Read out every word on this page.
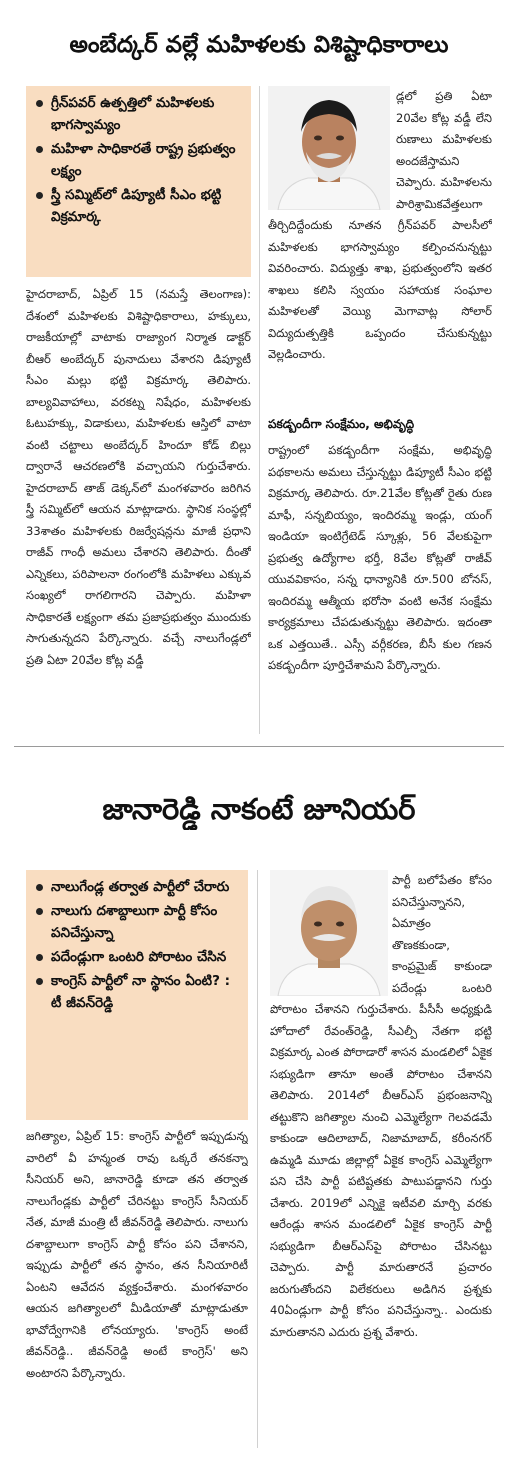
అంబేద్కర్ వల్లే మహిళలకు విశిష్టాధికారాలు
గ్రీన్‌పవర్ ఉత్పత్తిలో మహిళలకు భాగస్వామ్యం
మహిళా సాధికారతే రాష్ట్ర ప్రభుత్వం లక్ష్యం
స్త్రీ సమ్మిట్‌లో డిప్యూటీ సీఎం భట్టి విక్రమార్క

హైదరాబాద్, ఏప్రిల్ 15 (నమస్తే తెలంగాణ): దేశంలో మహిళలకు విశిష్టాధికారాలు, హక్కులు, రాజకీయాల్లో వాటాకు రాజ్యాంగ నిర్మాత డాక్టర్ బీఆర్ అంబేద్కర్ పునాదులు వేశారని డిప్యూటీ సీఎం మల్లు భట్టి విక్రమార్క తెలిపారు. బాల్యవివాహాలు, వరకట్న నిషేధం, మహిళలకు ఓటుహక్కు, విడాకులు, మహిళలకు ఆస్తిలో వాటా వంటి చట్టాలు అంబేద్కర్ హిందూ కోడ్ బిల్లు ద్వారానే ఆచరణలోకి వచ్చాయని గుర్తుచేశారు. హైదరాబాద్ తాజ్ డెక్కన్‌లో మంగళవారం జరిగిన స్త్రీ సమ్మిట్‌లో ఆయన మాట్లాడారు. స్థానిక సంస్థల్లో 33శాతం మహిళలకు రిజర్వేషన్లను మాజీ ప్రధాని రాజీవ్ గాంధీ అమలు చేశారని తెలిపారు. దీంతో ఎన్నికలు, పరిపాలనా రంగంలోకి మహిళలు ఎక్కువ సంఖ్యలో రాగలిగారని చెప్పారు. మహిళా సాధికారతే లక్ష్యంగా తమ ప్రజాప్రభుత్వం ముందుకు సాగుతున్నదని పేర్కొన్నారు. వచ్చే నాలుగేండ్లలో ప్రతి ఏటా 20వేల కోట్ల వడ్డీ

డ్లలో ప్రతి ఏటా 20వేల కోట్ల వడ్డీ లేని రుణాలు మహిళలకు అందజేస్తామని చెప్పారు. మహిళలను పారిశ్రామికవేత్తలుగా తీర్చిదిద్దేందుకు నూతన గ్రీన్‌పవర్ పాలసీలో మహిళలకు భాగస్వామ్యం కల్పించనున్నట్టు వివరించారు. విద్యుత్తు శాఖ, ప్రభుత్వంలోని ఇతర శాఖలు కలిసి స్వయం సహాయక సంఘాల మహిళలతో వెయ్యి మెగావాట్ల సోలార్ విద్యుదుత్పత్తికి ఒప్పందం చేసుకున్నట్టు వెల్లడించారు.

పకడ్బందీగా సంక్షేమం, అభివృద్ధి

రాష్ట్రంలో పకడ్బందీగా సంక్షేమ, అభివృద్ధి పథకాలను అమలు చేస్తున్నట్టు డిప్యూటీ సీఎం భట్టి విక్రమార్క తెలిపారు. రూ.21వేల కోట్లతో రైతు రుణ మాఫీ, సన్నబియ్యం, ఇందిరమ్మ ఇండ్లు, యంగ్ ఇండియా ఇంటిగ్రేటెడ్ స్కూళ్లు, 56 వేలకుపైగా ప్రభుత్వ ఉద్యోగాల భర్తీ, 8వేల కోట్లతో రాజీవ్ యువవికాసం, సన్న ధాన్యానికి రూ.500 బోనస్, ఇందిరమ్మ ఆత్మీయ భరోసా వంటి అనేక సంక్షేమ కార్యక్రమాలు చేపడుతున్నట్టు తెలిపారు. ఇదంతా ఒక ఎత్తయితే.. ఎస్సీ వర్గీకరణ, బీసీ కుల గణన పకడ్బందీగా పూర్తిచేశామని పేర్కొన్నారు.

జానారెడ్డి నాకంటే జూనియర్
నాలుగేండ్ల తర్వాత పార్టీలో చేరారు
నాలుగు దశాబ్దాలుగా పార్టీ కోసం పనిచేస్తున్నా
పదేండ్లుగా ఒంటరి పోరాటం చేసిన
కాంగ్రెస్ పార్టీలో నా స్థానం ఏంటి? : టీ జీవన్‌రెడ్డి

జగిత్యాల, ఏప్రిల్ 15: కాంగ్రెస్ పార్టీలో ఇప్పుడున్న వారిలో వీ హన్మంత రావు ఒక్కరే తనకన్నా సీనియర్ అని, జానారెడ్డి కూడా తన తర్వాత నాలుగేండ్లకు పార్టీలో చేరినట్టు కాంగ్రెస్ సీనియర్ నేత, మాజీ మంత్రి టీ జీవన్‌రెడ్డి తెలిపారు. నాలుగు దశాబ్దాలుగా కాంగ్రెస్ పార్టీ కోసం పని చేశానని, ఇప్పుడు పార్టీలో తన స్థానం, తన సీనియారిటీ ఏంటని ఆవేదన వ్యక్తంచేశారు. మంగళవారం ఆయన జగిత్యాలలో మీడియాతో మాట్లాడుతూ భావోద్వేగానికి లోనయ్యారు. 'కాంగ్రెస్ అంటే జీవన్‌రెడ్డి.. జీవన్‌రెడ్డి అంటే కాంగ్రెస్' అని అంటారని పేర్కొన్నారు.

పార్టీ బలోపేతం కోసం పనిచేస్తున్నానని, ఏమాత్రం తొణకకుండా, కాంప్రమైజ్ కాకుండా పదేండ్లు ఒంటరి పోరాటం చేశానని గుర్తుచేశారు. పీసీసీ అధ్యక్షుడి హోదాలో రేవంత్‌రెడ్డి, సీఎల్పీ నేతగా భట్టి విక్రమార్క ఎంత పోరాడారో శాసన మండలిలో ఏకైక సభ్యుడిగా తానూ అంతే పోరాటం చేశానని తెలిపారు. 2014లో బీఆర్‌ఎస్ ప్రభంజనాన్ని తట్టుకొని జగిత్యాల నుంచి ఎమ్మెల్యేగా గెలవడమే కాకుండా ఆదిలాబాద్, నిజామాబాద్, కరీంనగర్ ఉమ్మడి మూడు జిల్లాల్లో ఏకైక కాంగ్రెస్ ఎమ్మెల్యేగా పని చేసి పార్టీ పటిష్టతకు పాటుపడ్డానని గుర్తు చేశారు. 2019లో ఎన్నికై ఇటీవలి మార్చి వరకు ఆరేండ్లు శాసన మండలిలో ఏకైక కాంగ్రెస్ పార్టీ సభ్యుడిగా బీఆర్‌ఎస్‌పై పోరాటం చేసినట్టు చెప్పారు. పార్టీ మారుతారనే ప్రచారం జరుగుతోందని విలేకరులు అడిగిన ప్రశ్నకు 40ఏండ్లుగా పార్టీ కోసం పనిచేస్తున్నా.. ఎందుకు మారుతానని ఎదురు ప్రశ్న వేశారు.
